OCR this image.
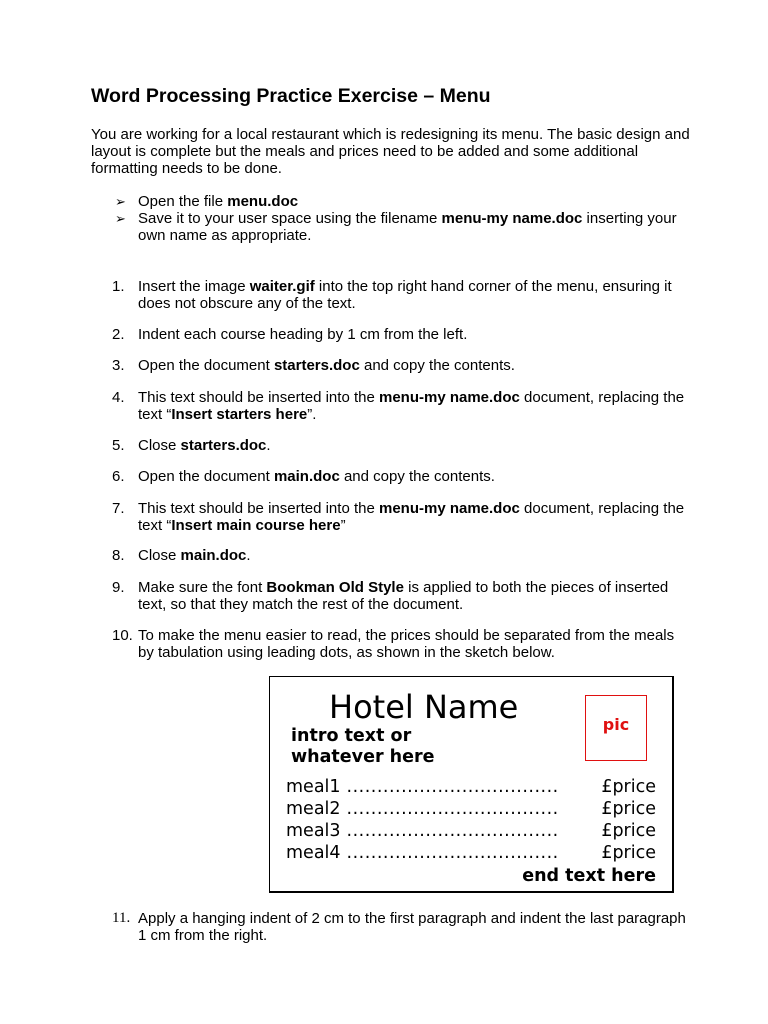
Word Processing Practice Exercise – Menu

You are working for a local restaurant which is redesigning its menu. The basic design and layout is complete but the meals and prices need to be added and some additional formatting needs to be done.

➢ Open the file menu.doc
➢ Save it to your user space using the filename menu-my name.doc inserting your own name as appropriate.
1. Insert the image waiter.gif into the top right hand corner of the menu, ensuring it does not obscure any of the text.
2. Indent each course heading by 1 cm from the left.
3. Open the document starters.doc and copy the contents.
4. This text should be inserted into the menu-my name.doc document, replacing the text “Insert starters here”.
5. Close starters.doc.
6. Open the document main.doc and copy the contents.
7. This text should be inserted into the menu-my name.doc document, replacing the text “Insert main course here”
8. Close main.doc.
9. Make sure the font Bookman Old Style is applied to both the pieces of inserted text, so that they match the rest of the document.
10. To make the menu easier to read, the prices should be separated from the meals by tabulation using leading dots, as shown in the sketch below.
11. Apply a hanging indent of 2 cm to the first paragraph and indent the last paragraph 1 cm from the right.
Hotel Name
intro text or
whatever here
pic
meal1 ...................................	£price
meal2 ...................................	£price
meal3 ...................................	£price
meal4 ...................................	£price
end text here
